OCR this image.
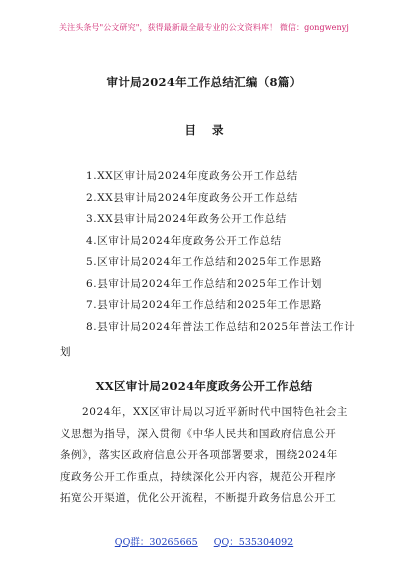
关注头条号"公文研究"，获得最新最全最专业的公文资料库！ 微信：gongwenyj
审计局2024年工作总结汇编（8篇）
目 录
1.XX区审计局2024年度政务公开工作总结
2.XX县审计局2024年度政务公开工作总结
3.XX县审计局2024年政务公开工作总结
4.区审计局2024年度政务公开工作总结
5.区审计局2024年工作总结和2025年工作思路
6.县审计局2024年工作总结和2025年工作计划
7.县审计局2024年工作总结和2025年工作思路
8.县审计局2024年普法工作总结和2025年普法工作计
划
XX区审计局2024年度政务公开工作总结
2024年，XX区审计局以习近平新时代中国特色社会主
义思想为指导，深入贯彻《中华人民共和国政府信息公开
条例》，落实区政府信息公开各项部署要求，围绕2024年
度政务公开工作重点，持续深化公开内容，规范公开程序
拓宽公开渠道，优化公开流程，不断提升政务信息公开工
QQ群：30265665 QQ：535304092
